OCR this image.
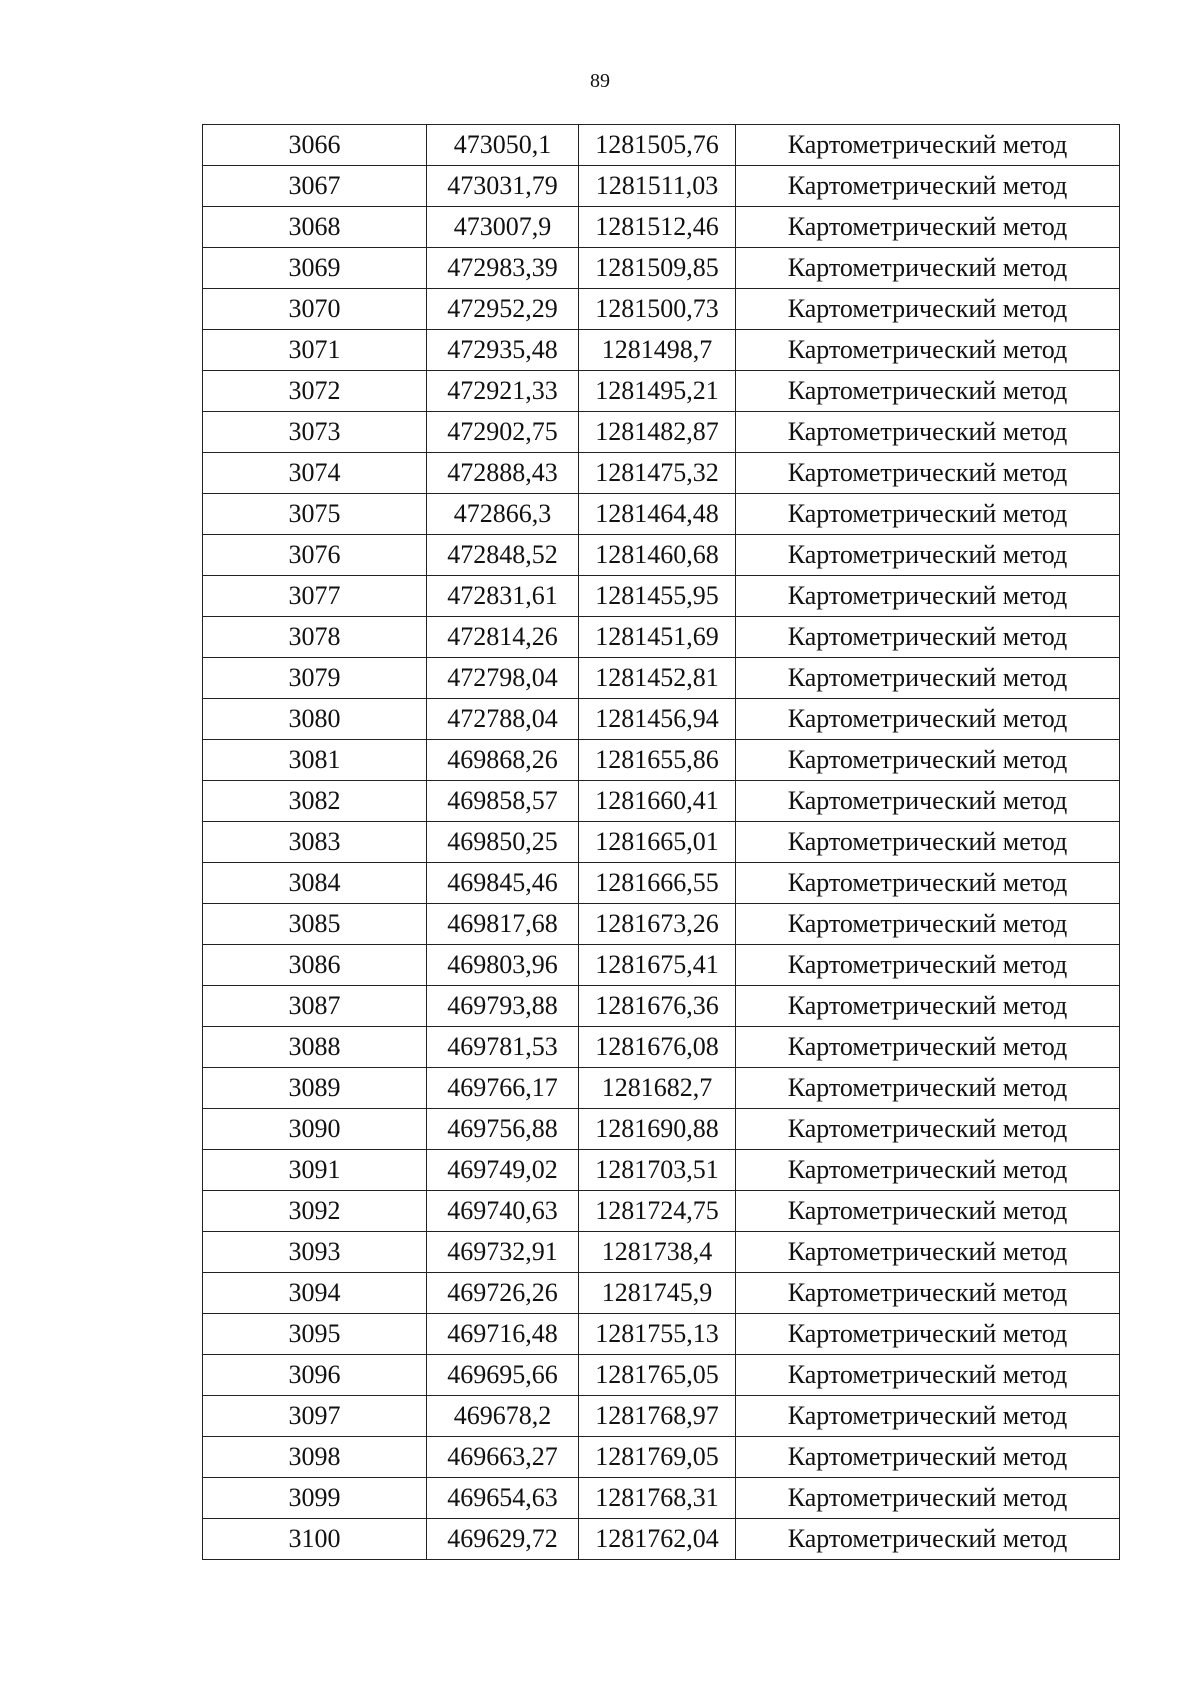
89
3066	473050,1	1281505,76	Картометрический метод
3067	473031,79	1281511,03	Картометрический метод
3068	473007,9	1281512,46	Картометрический метод
3069	472983,39	1281509,85	Картометрический метод
3070	472952,29	1281500,73	Картометрический метод
3071	472935,48	1281498,7	Картометрический метод
3072	472921,33	1281495,21	Картометрический метод
3073	472902,75	1281482,87	Картометрический метод
3074	472888,43	1281475,32	Картометрический метод
3075	472866,3	1281464,48	Картометрический метод
3076	472848,52	1281460,68	Картометрический метод
3077	472831,61	1281455,95	Картометрический метод
3078	472814,26	1281451,69	Картометрический метод
3079	472798,04	1281452,81	Картометрический метод
3080	472788,04	1281456,94	Картометрический метод
3081	469868,26	1281655,86	Картометрический метод
3082	469858,57	1281660,41	Картометрический метод
3083	469850,25	1281665,01	Картометрический метод
3084	469845,46	1281666,55	Картометрический метод
3085	469817,68	1281673,26	Картометрический метод
3086	469803,96	1281675,41	Картометрический метод
3087	469793,88	1281676,36	Картометрический метод
3088	469781,53	1281676,08	Картометрический метод
3089	469766,17	1281682,7	Картометрический метод
3090	469756,88	1281690,88	Картометрический метод
3091	469749,02	1281703,51	Картометрический метод
3092	469740,63	1281724,75	Картометрический метод
3093	469732,91	1281738,4	Картометрический метод
3094	469726,26	1281745,9	Картометрический метод
3095	469716,48	1281755,13	Картометрический метод
3096	469695,66	1281765,05	Картометрический метод
3097	469678,2	1281768,97	Картометрический метод
3098	469663,27	1281769,05	Картометрический метод
3099	469654,63	1281768,31	Картометрический метод
3100	469629,72	1281762,04	Картометрический метод
